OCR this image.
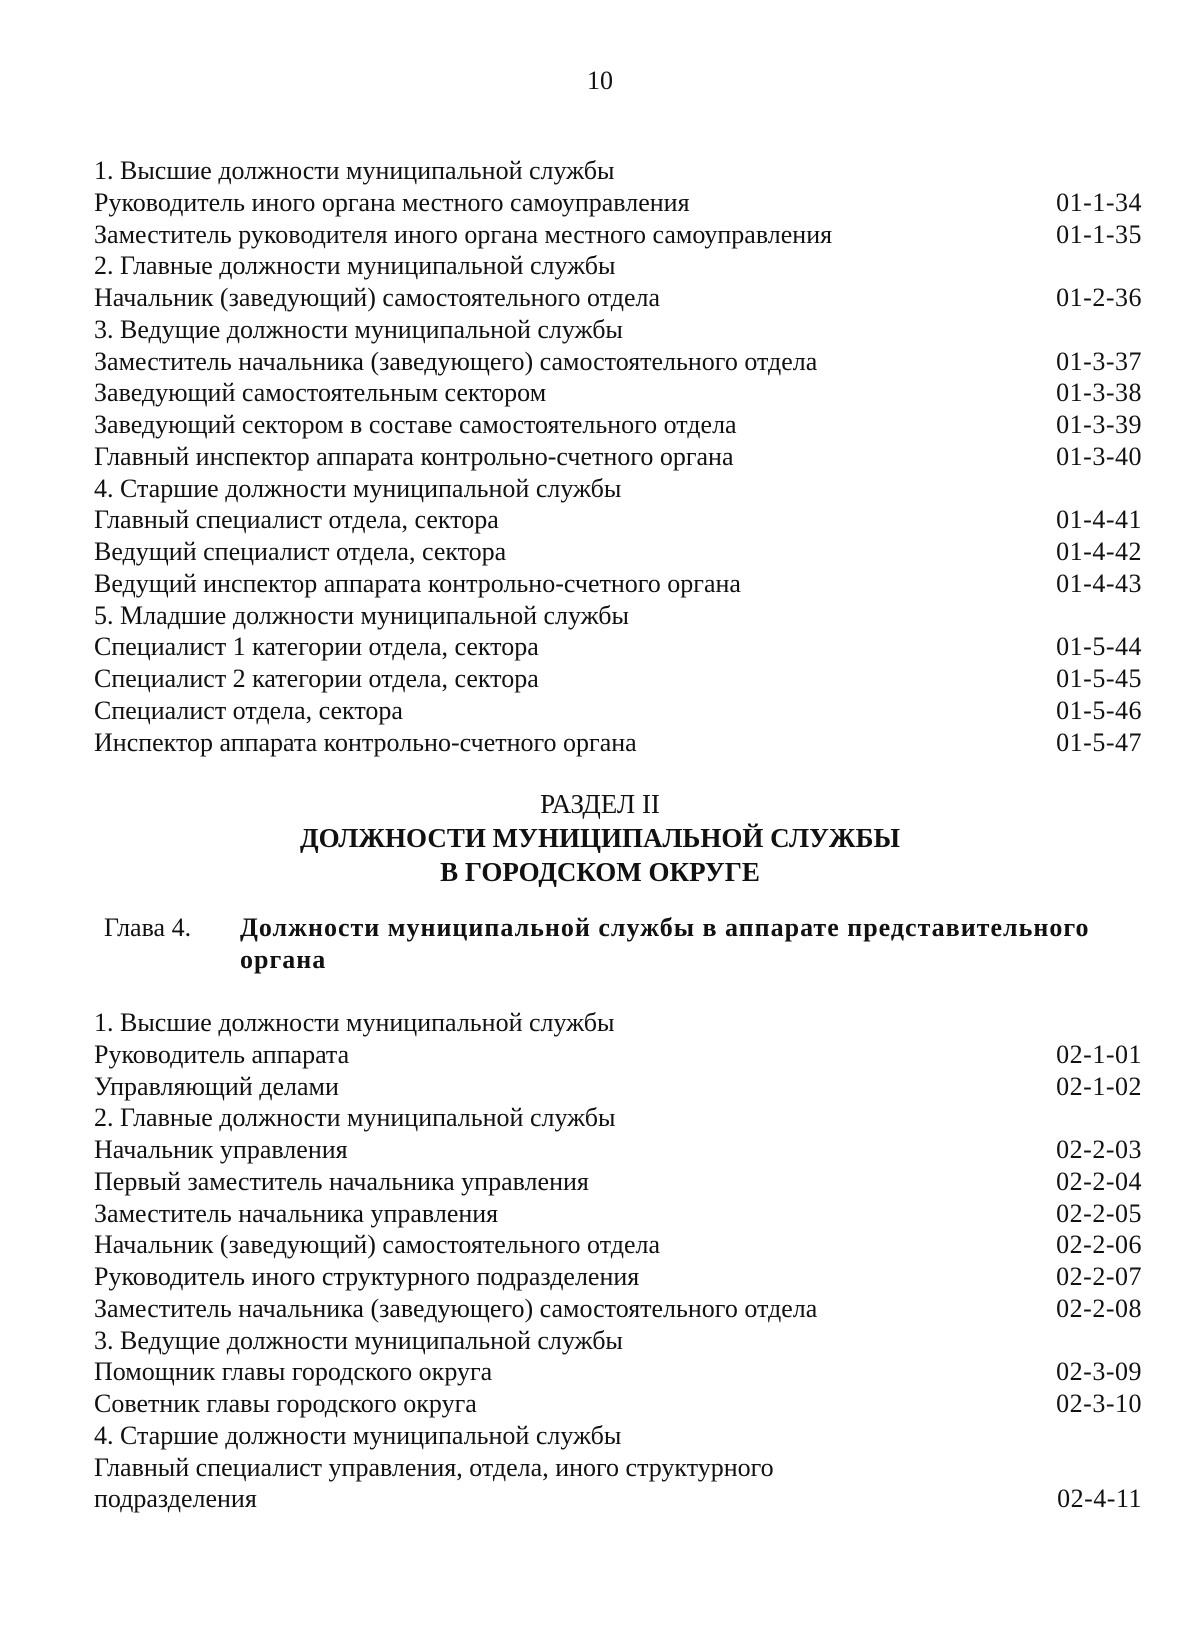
10
1. Высшие должности муниципальной службы
Руководитель иного органа местного самоуправления	01-1-34
Заместитель руководителя иного органа местного самоуправления	01-1-35
2. Главные должности муниципальной службы
Начальник (заведующий) самостоятельного отдела	01-2-36
3. Ведущие должности муниципальной службы
Заместитель начальника (заведующего) самостоятельного отдела	01-3-37
Заведующий самостоятельным сектором	01-3-38
Заведующий сектором в составе самостоятельного отдела	01-3-39
Главный инспектор аппарата контрольно-счетного органа	01-3-40
4. Старшие должности муниципальной службы
Главный специалист отдела, сектора	01-4-41
Ведущий специалист отдела, сектора	01-4-42
Ведущий инспектор аппарата контрольно-счетного органа	01-4-43
5. Младшие должности муниципальной службы
Специалист 1 категории отдела, сектора	01-5-44
Специалист 2 категории отдела, сектора	01-5-45
Специалист отдела, сектора	01-5-46
Инспектор аппарата контрольно-счетного органа	01-5-47
РАЗДЕЛ II
ДОЛЖНОСТИ МУНИЦИПАЛЬНОЙ СЛУЖБЫ
В ГОРОДСКОМ ОКРУГЕ
Глава 4.	Должности муниципальной службы в аппарате представительного органа
1. Высшие должности муниципальной службы
Руководитель аппарата	02-1-01
Управляющий делами	02-1-02
2. Главные должности муниципальной службы
Начальник управления	02-2-03
Первый заместитель начальника управления	02-2-04
Заместитель начальника управления	02-2-05
Начальник (заведующий) самостоятельного отдела	02-2-06
Руководитель иного структурного подразделения	02-2-07
Заместитель начальника (заведующего) самостоятельного отдела	02-2-08
3. Ведущие должности муниципальной службы
Помощник главы городского округа	02-3-09
Советник главы городского округа	02-3-10
4. Старшие должности муниципальной службы
Главный специалист управления, отдела, иного структурного подразделения	02-4-11
